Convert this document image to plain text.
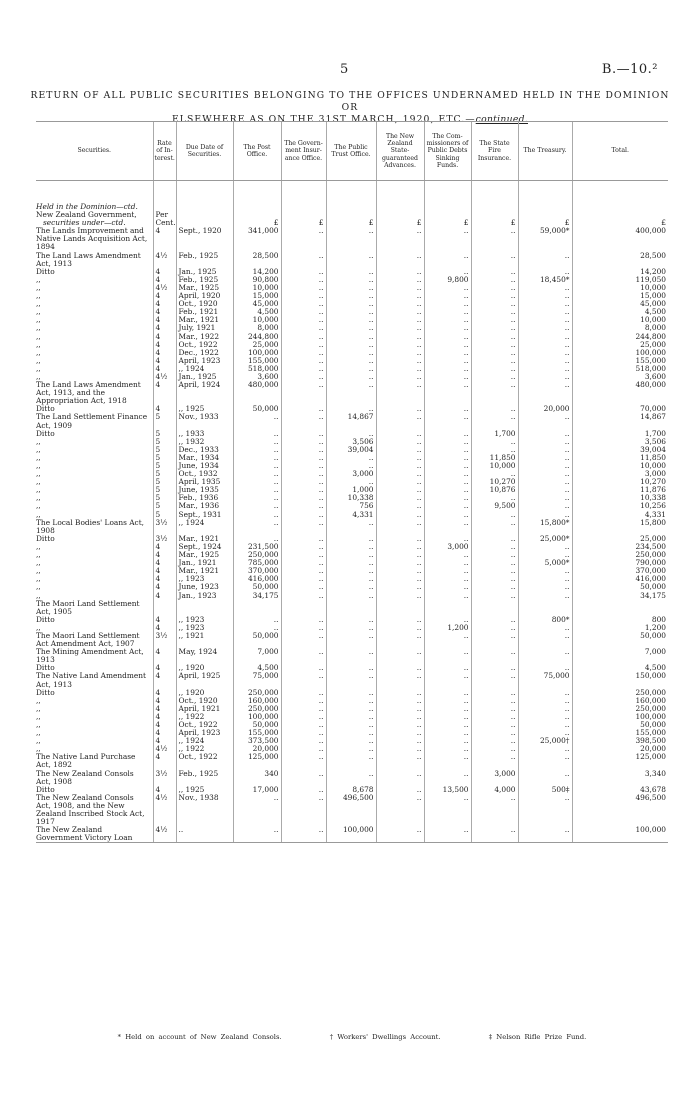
5	B.—10.²
RETURN OF ALL PUBLIC SECURITIES BELONGING TO THE OFFICES UNDERNAMED HELD IN THE DOMINION OR
ELSEWHERE AS ON THE 31ST MARCH, 1920, ETC.—continued.
Securities.	Rate of In-terest.	Due Date of Securities.	The Post Office.	The Govern-ment Insur-ance Office.	The Public Trust Office.	The New Zealand State-guaranteed Advances.	The Com-missioners of Public Debts Sinking Funds.	The State Fire Insurance.	The Treasury.	Total.

Held in the Dominion—ctd.										
New Zealand Government,	Per									

securities under—ctd.	Cent.		£	£	£	£	£	£	£	£
The Lands Improvement and Native Lands Acquisition Act, 1894	4	Sept., 1920	341,000	..	..	..	..	..	59,000*	400,000
The Land Laws Amendment Act, 1913	4½	Feb., 1925	28,500	..	..	..	..	..	..	28,500
Ditto	4	Jan., 1925	14,200	..	..	..	..	..	..	14,200
,,	4	Feb., 1925	90,800	..	..	..	9,800	..	18,450*	119,050
,,	4½	Mar., 1925	10,000	..	..	..	..	..	..	10,000
,,	4	April, 1920	15,000	..	..	..	..	..	..	15,000
,,	4	Oct., 1920	45,000	..	..	..	..	..	..	45,000
,,	4	Feb., 1921	4,500	..	..	..	..	..	..	4,500
,,	4	Mar., 1921	10,000	..	..	..	..	..	..	10,000
,,	4	July, 1921	8,000	..	..	..	..	..	..	8,000
,,	4	Mar., 1922	244,800	..	..	..	..	..	..	244,800
,,	4	Oct., 1922	25,000	..	..	..	..	..	..	25,000
,,	4	Dec., 1922	100,000	..	..	..	..	..	..	100,000
,,	4	April, 1923	155,000	..	..	..	..	..	..	155,000
,,	4	,, 1924	518,000	..	..	..	..	..	..	518,000
,,	4½	Jan., 1925	3,600	..	..	..	..	..	..	3,600
The Land Laws Amendment Act, 1913, and the Appropriation Act, 1918	4	April, 1924	480,000	..	..	..	..	..	..	480,000
Ditto	4	,, 1925	50,000	..	..	..	..	..	20,000	70,000
The Land Settlement Finance Act, 1909	5	Nov., 1933	..	..	14,867	..	..	..	..	14,867
Ditto	5	,, 1933	..	..	..	..	..	1,700	..	1,700
,,	5	,, 1932	..	..	3,506	..	..	..	..	3,506
,,	5	Dec., 1933	..	..	39,004	..	..	..	..	39,004
,,	5	Mar., 1934	..	..	..	..	..	11,850	..	11,850
,,	5	June, 1934	..	..	..	..	..	10,000	..	10,000
,,	5	Oct., 1932	..	..	3,000	..	..	..	..	3,000
,,	5	April, 1935	..	..	..	..	..	10,270	..	10,270
,,	5	June, 1935	..	..	1,000	..	..	10,876	..	11,876
,,	5	Feb., 1936	..	..	10,338	..	..	..	..	10,338
,,	5	Mar., 1936	..	..	756	..	..	9,500	..	10,256
,,	5	Sept., 1931	..	..	4,331	..	..	..	..	4,331
The Local Bodies' Loans Act, 1908	3½	,, 1924	..	..	..	..	..	..	15,800*	15,800
Ditto	3½	Mar., 1921	..	..	..	..	..	..	25,000*	25,000
,,	4	Sept., 1924	231,500	..	..	..	3,000	..	..	234,500
,,	4	Mar., 1925	250,000	..	..	..	..	..	..	250,000
,,	4	Jan., 1921	785,000	..	..	..	..	..	5,000*	790,000
,,	4	Mar., 1921	370,000	..	..	..	..	..	..	370,000
,,	4	,, 1923	416,000	..	..	..	..	..	..	416,000
,,	4	June, 1923	50,000	..	..	..	..	..	..	50,000
,,	4	Jan., 1923	34,175	..	..	..	..	..	..	34,175
The Maori Land Settlement Act, 1905										
Ditto	4	,, 1923	..	..	..	..	..	..	800*	800
,,	4	,, 1923	..	..	..	..	1,200	..	..	1,200
The Maori Land Settlement Act Amendment Act, 1907	3½	,, 1921	50,000	..	..	..	..	..	..	50,000
The Mining Amendment Act, 1913	4	May, 1924	7,000	..	..	..	..	..	..	7,000
Ditto	4	,, 1920	4,500	..	..	..	..	..	..	4,500
The Native Land Amendment Act, 1913	4	April, 1925	75,000	..	..	..	..	..	75,000	150,000
Ditto	4	,, 1920	250,000	..	..	..	..	..	..	250,000
,,	4	Oct., 1920	160,000	..	..	..	..	..	..	160,000
,,	4	April, 1921	250,000	..	..	..	..	..	..	250,000
,,	4	,, 1922	100,000	..	..	..	..	..	..	100,000
,,	4	Oct., 1922	50,000	..	..	..	..	..	..	50,000
,,	4	April, 1923	155,000	..	..	..	..	..	..	155,000
,,	4	,, 1924	373,500	..	..	..	..	..	25,000†	398,500
,,	4½	,, 1922	20,000	..	..	..	..	..	..	20,000
The Native Land Purchase Act, 1892	4	Oct., 1922	125,000	..	..	..	..	..	..	125,000
The New Zealand Consols Act, 1908	3½	Feb., 1925	340	..	..	..	..	3,000	..	3,340
Ditto	4	,, 1925	17,000	..	8,678	..	13,500	4,000	500‡	43,678
The New Zealand Consols Act, 1908, and the New Zealand Inscribed Stock Act, 1917	4½	Nov., 1938	..	..	496,500	..	..	..	..	496,500
The New Zealand Government Victory Loan	4½	..	..	..	100,000	..	..	..	..	100,000
* Held on account of New Zealand Consols.	† Workers' Dwellings Account.	‡ Nelson Rifle Prize Fund.
